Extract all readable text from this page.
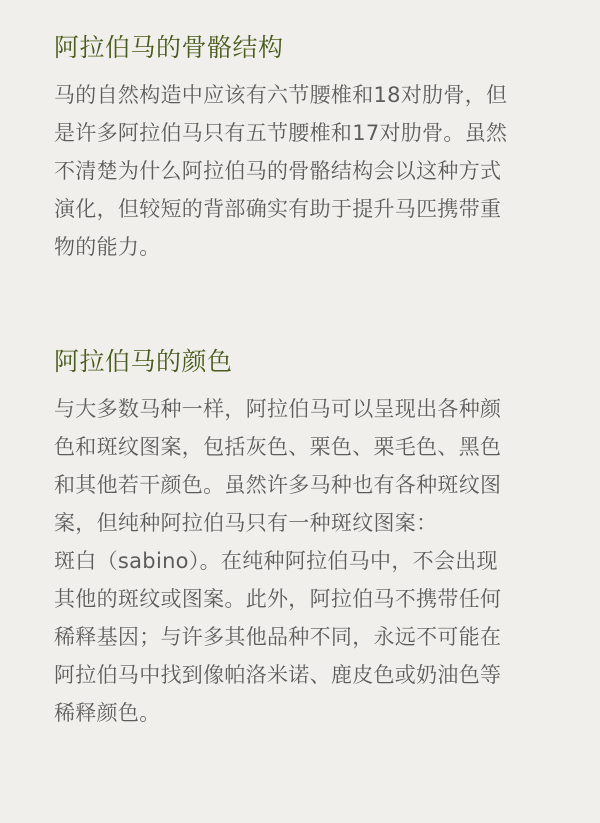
阿拉伯马的骨骼结构
马的自然构造中应该有六节腰椎和18对肋骨，但
是许多阿拉伯马只有五节腰椎和17对肋骨。虽然
不清楚为什么阿拉伯马的骨骼结构会以这种方式
演化，但较短的背部确实有助于提升马匹携带重
物的能力。
阿拉伯马的颜色
与大多数马种一样，阿拉伯马可以呈现出各种颜
色和斑纹图案，包括灰色、栗色、栗毛色、黑色
和其他若干颜色。虽然许多马种也有各种斑纹图
案，但纯种阿拉伯马只有一种斑纹图案：
斑白（sabino）。在纯种阿拉伯马中，不会出现
其他的斑纹或图案。此外，阿拉伯马不携带任何
稀释基因；与许多其他品种不同，永远不可能在
阿拉伯马中找到像帕洛米诺、鹿皮色或奶油色等
稀释颜色。
